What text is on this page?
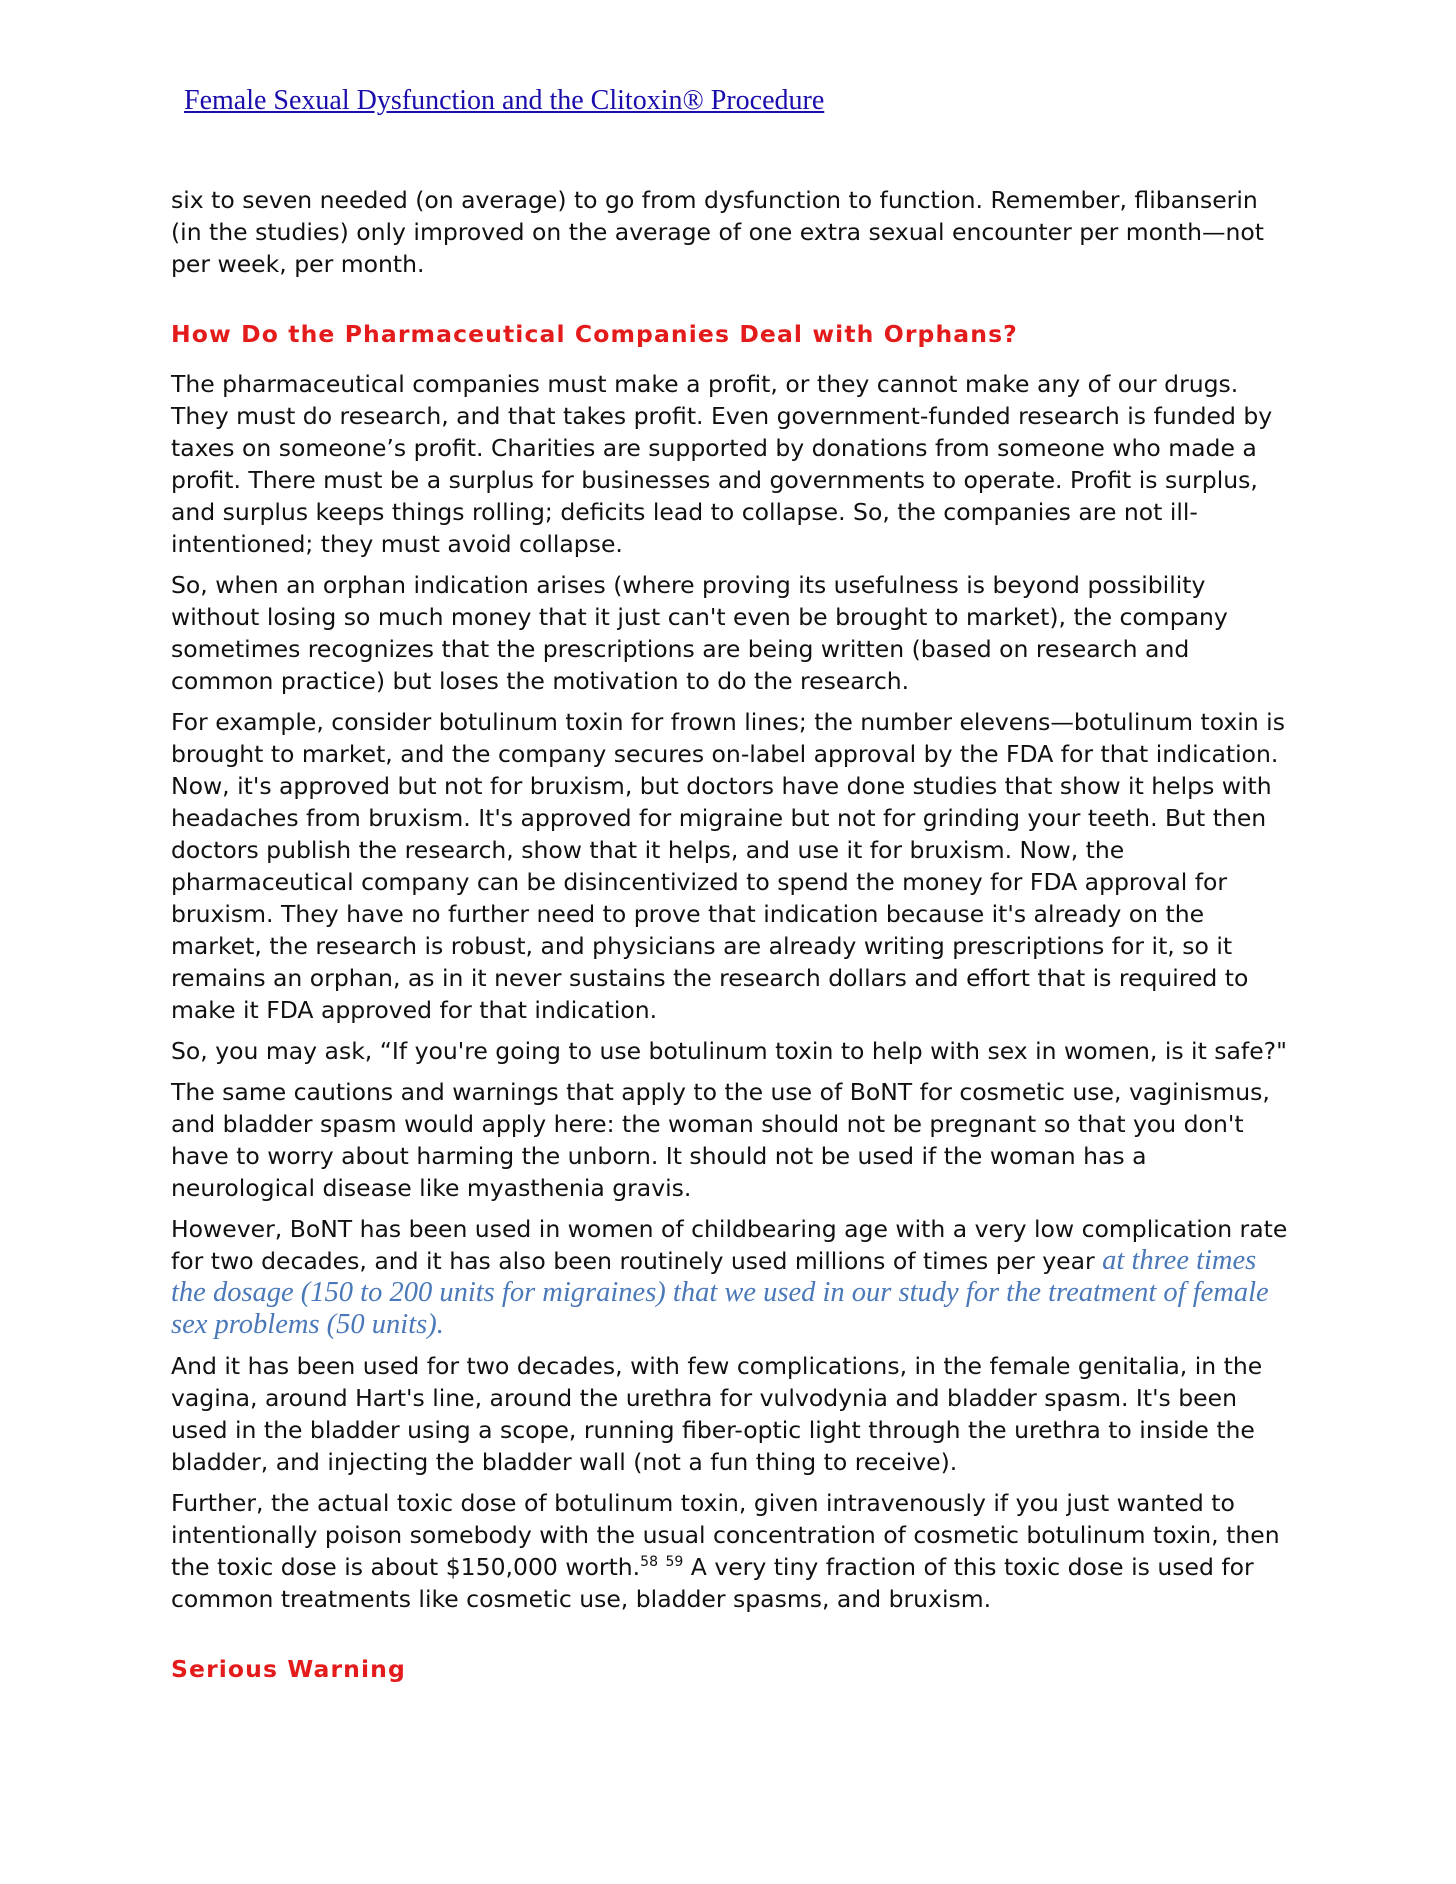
Female Sexual Dysfunction and the Clitoxin® Procedure

six to seven needed (on average) to go from dysfunction to function. Remember, flibanserin (in the studies) only improved on the average of one extra sexual encounter per month—not per week, per month.

How Do the Pharmaceutical Companies Deal with Orphans?

The pharmaceutical companies must make a profit, or they cannot make any of our drugs. They must do research, and that takes profit. Even government-funded research is funded by taxes on someone’s profit. Charities are supported by donations from someone who made a profit. There must be a surplus for businesses and governments to operate. Profit is surplus, and surplus keeps things rolling; deficits lead to collapse. So, the companies are not ill-intentioned; they must avoid collapse.

So, when an orphan indication arises (where proving its usefulness is beyond possibility without losing so much money that it just can't even be brought to market), the company sometimes recognizes that the prescriptions are being written (based on research and common practice) but loses the motivation to do the research.

For example, consider botulinum toxin for frown lines; the number elevens—botulinum toxin is brought to market, and the company secures on-label approval by the FDA for that indication. Now, it's approved but not for bruxism, but doctors have done studies that show it helps with headaches from bruxism. It's approved for migraine but not for grinding your teeth. But then doctors publish the research, show that it helps, and use it for bruxism. Now, the pharmaceutical company can be disincentivized to spend the money for FDA approval for bruxism. They have no further need to prove that indication because it's already on the market, the research is robust, and physicians are already writing prescriptions for it, so it remains an orphan, as in it never sustains the research dollars and effort that is required to make it FDA approved for that indication.

So, you may ask, “If you're going to use botulinum toxin to help with sex in women, is it safe?"

The same cautions and warnings that apply to the use of BoNT for cosmetic use, vaginismus, and bladder spasm would apply here: the woman should not be pregnant so that you don't have to worry about harming the unborn. It should not be used if the woman has a neurological disease like myasthenia gravis.

However, BoNT has been used in women of childbearing age with a very low complication rate for two decades, and it has also been routinely used millions of times per year at three times the dosage (150 to 200 units for migraines) that we used in our study for the treatment of female sex problems (50 units).

And it has been used for two decades, with few complications, in the female genitalia, in the vagina, around Hart's line, around the urethra for vulvodynia and bladder spasm. It's been used in the bladder using a scope, running fiber-optic light through the urethra to inside the bladder, and injecting the bladder wall (not a fun thing to receive).

Further, the actual toxic dose of botulinum toxin, given intravenously if you just wanted to intentionally poison somebody with the usual concentration of cosmetic botulinum toxin, then the toxic dose is about $150,000 worth.$^{58}$ $^{59}$ A very tiny fraction of this toxic dose is used for common treatments like cosmetic use, bladder spasms, and bruxism.

Serious Warning
